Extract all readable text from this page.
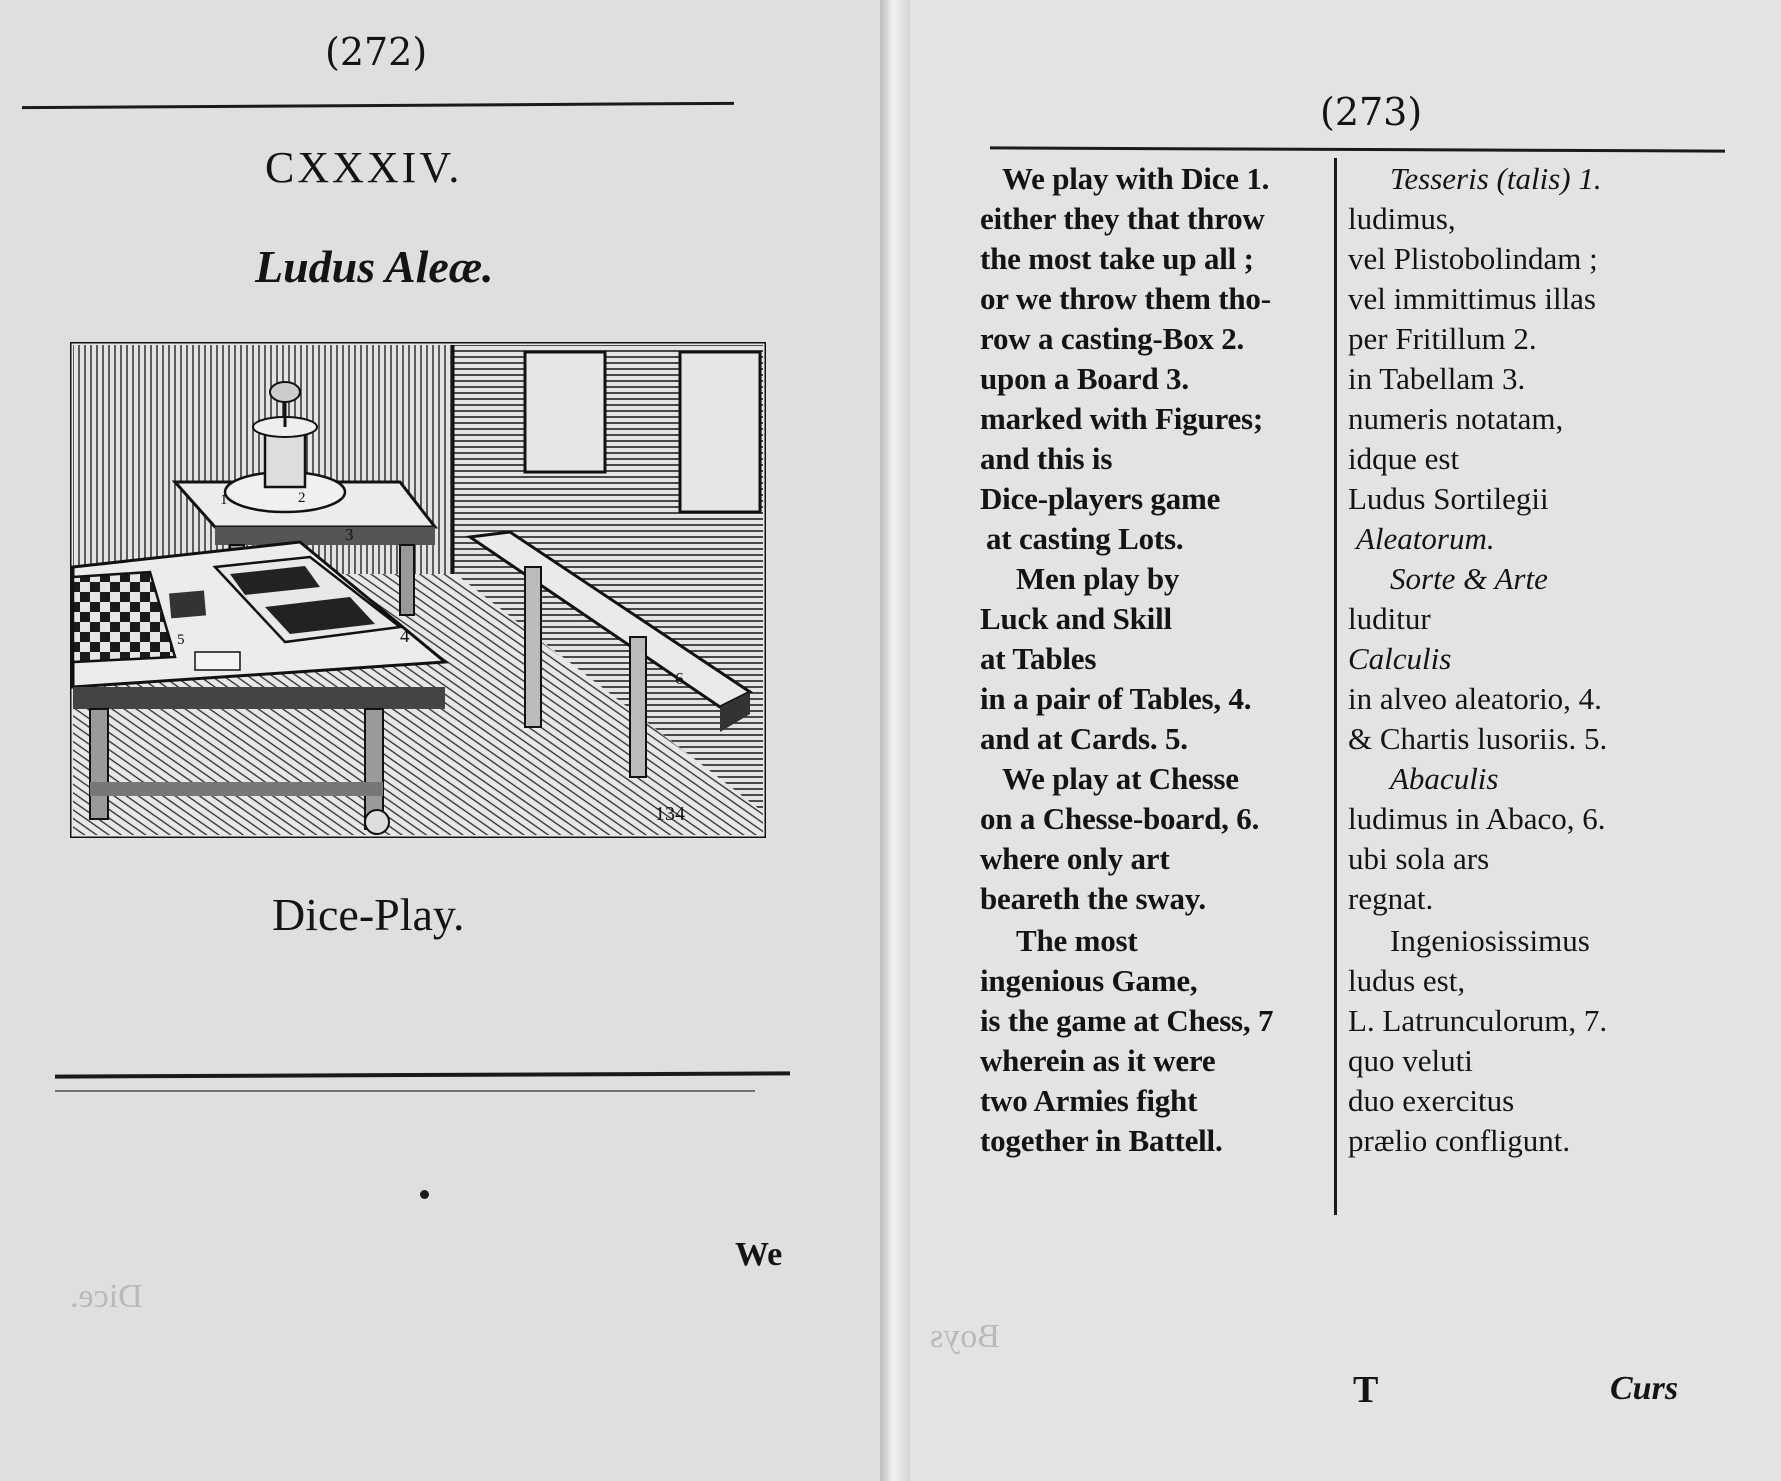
(272)
CXXXIV.
Ludus Aleæ.
1	2
3
4
5
6
134
Dice-Play.
We
Dice.
(273)
We play with Dice 1.
either they that throw
the most take up all ;
or we throw them tho-
row a casting-Box 2.
upon a Board 3.
marked with Figures;
and this is
Dice-players game
at casting Lots.
Men play by
Luck and Skill
at Tables
in a pair of Tables, 4.
and at Cards. 5.
We play at Chesse
on a Chesse-board, 6.
where only art
beareth the sway.
The most
ingenious Game,
is the game at Chess, 7
wherein as it were
two Armies fight
together in Battell.
Tesseris (talis) 1.
ludimus,
vel Plistobolindam ;
vel immittimus illas
per Fritillum 2.
in Tabellam 3.
numeris notatam,
idque est
Ludus Sortilegii
Aleatorum.
Sorte & Arte
luditur
Calculis
in alveo aleatorio, 4.
& Chartis lusoriis. 5.
Abaculis
ludimus in Abaco, 6.
ubi sola ars
regnat.
Ingeniosissimus
ludus est,
L. Latrunculorum, 7.
quo veluti
duo exercitus
prælio confligunt.
T	Curs
Boys
